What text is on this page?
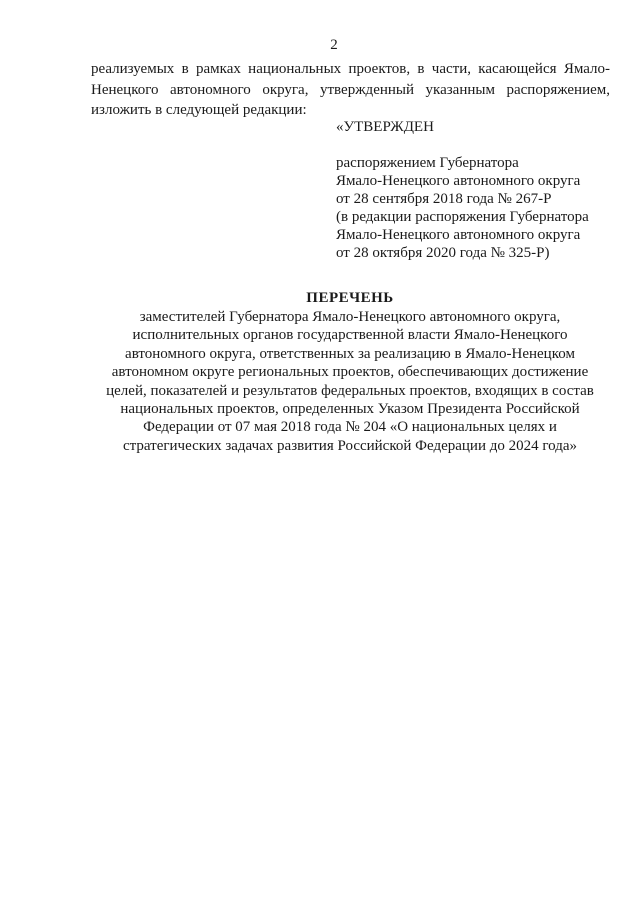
2

реализуемых в рамках национальных проектов, в части, касающейся Ямало-
Ненецкого автономного округа, утвержденный указанным распоряжением,
изложить в следующей редакции:

«УТВЕРЖДЕН
распоряжением Губернатора
Ямало-Ненецкого автономного округа
от 28 сентября 2018 года № 267-Р
(в редакции распоряжения Губернатора
Ямало-Ненецкого автономного округа
от 28 октября 2020 года № 325-Р)
ПЕРЕЧЕНЬ
заместителей Губернатора Ямало-Ненецкого автономного округа,
исполнительных органов государственной власти Ямало-Ненецкого
автономного округа, ответственных за реализацию в Ямало-Ненецком
автономном округе региональных проектов, обеспечивающих достижение
целей, показателей и результатов федеральных проектов, входящих в состав
национальных проектов, определенных Указом Президента Российской
Федерации от 07 мая 2018 года № 204 «О национальных целях и
стратегических задачах развития Российской Федерации до 2024 года»
